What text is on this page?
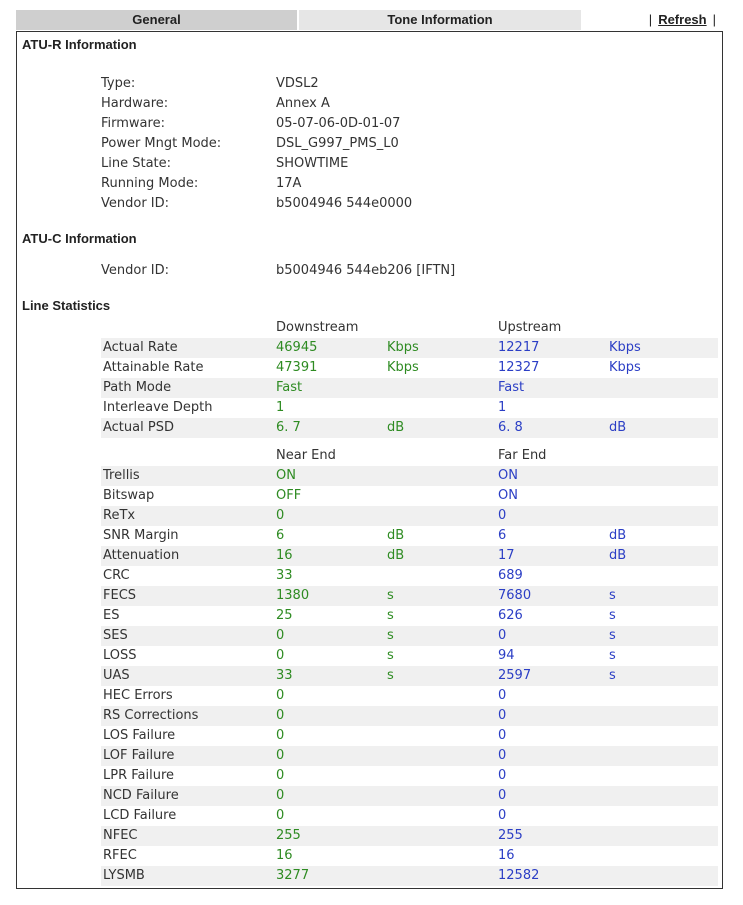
General	Tone Information	| Refresh |
ATU-R Information
Type:	VDSL2
Hardware:	Annex A
Firmware:	05-07-06-0D-01-07
Power Mngt Mode:	DSL_G997_PMS_L0
Line State:	SHOWTIME
Running Mode:	17A
Vendor ID:	b5004946 544e0000
ATU-C Information
Vendor ID:	b5004946 544eb206 [IFTN]
Line Statistics
Downstream	Upstream
Actual Rate	46945	Kbps	12217	Kbps
Attainable Rate	47391	Kbps	12327	Kbps
Path Mode	Fast	Fast
Interleave Depth	1	1
Actual PSD	6. 7	dB	6. 8	dB
Near End	Far End
Trellis	ON	ON
Bitswap	OFF	ON
ReTx	0	0
SNR Margin	6	dB	6	dB
Attenuation	16	dB	17	dB
CRC	33	689
FECS	1380	s	7680	s
ES	25	s	626	s
SES	0	s	0	s
LOSS	0	s	94	s
UAS	33	s	2597	s
HEC Errors	0	0
RS Corrections	0	0
LOS Failure	0	0
LOF Failure	0	0
LPR Failure	0	0
NCD Failure	0	0
LCD Failure	0	0
NFEC	255	255
RFEC	16	16
LYSMB	3277	12582
